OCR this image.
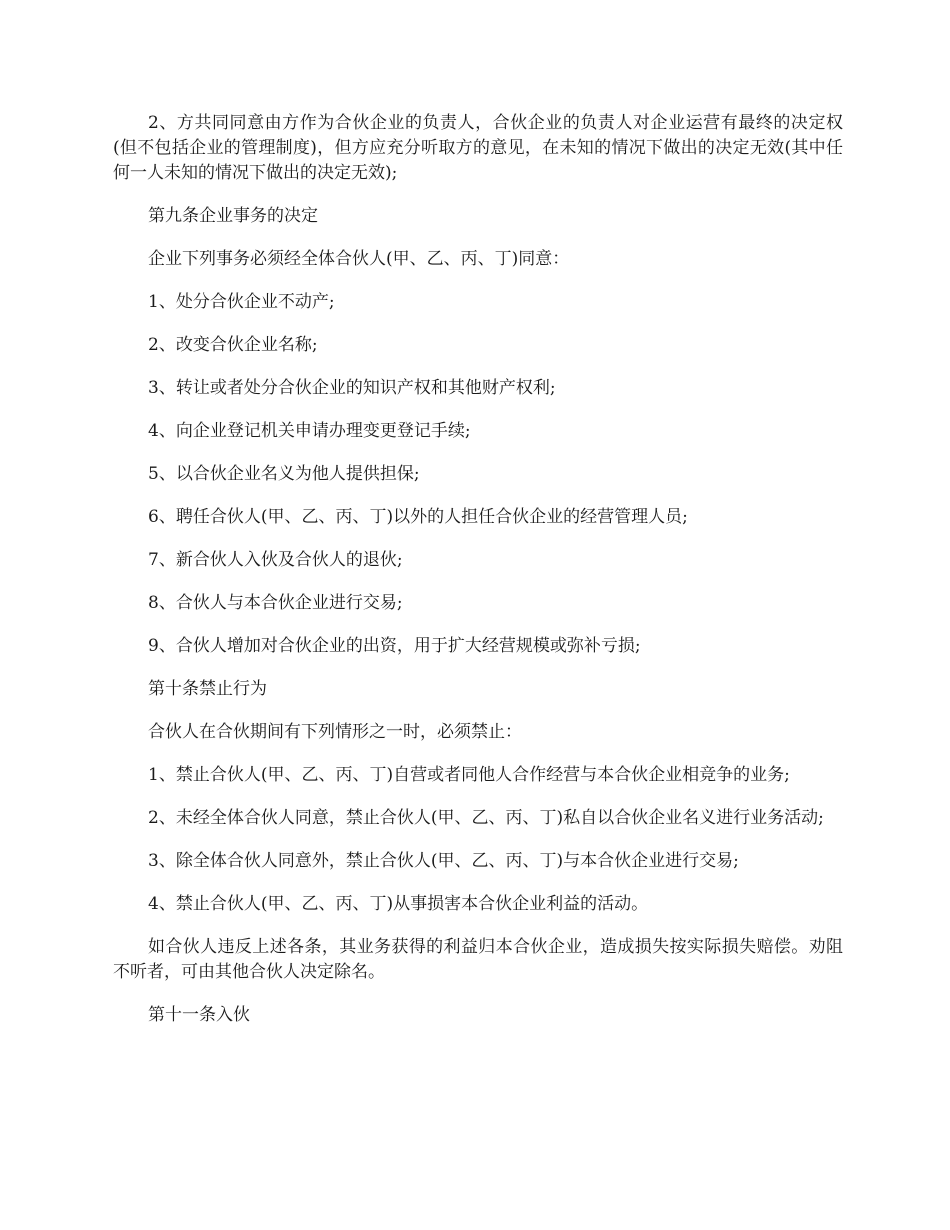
2、方共同同意由方作为合伙企业的负责人，合伙企业的负责人对企业运营有最终的决定权(但不包括企业的管理制度)，但方应充分听取方的意见，在未知的情况下做出的决定无效(其中任何一人未知的情况下做出的决定无效);

第九条企业事务的决定

企业下列事务必须经全体合伙人(甲、乙、丙、丁)同意：

1、处分合伙企业不动产;

2、改变合伙企业名称;

3、转让或者处分合伙企业的知识产权和其他财产权利;

4、向企业登记机关申请办理变更登记手续;

5、以合伙企业名义为他人提供担保;

6、聘任合伙人(甲、乙、丙、丁)以外的人担任合伙企业的经营管理人员;

7、新合伙人入伙及合伙人的退伙;

8、合伙人与本合伙企业进行交易;

9、合伙人增加对合伙企业的出资，用于扩大经营规模或弥补亏损;

第十条禁止行为

合伙人在合伙期间有下列情形之一时，必须禁止：

1、禁止合伙人(甲、乙、丙、丁)自营或者同他人合作经营与本合伙企业相竞争的业务;

2、未经全体合伙人同意，禁止合伙人(甲、乙、丙、丁)私自以合伙企业名义进行业务活动;

3、除全体合伙人同意外，禁止合伙人(甲、乙、丙、丁)与本合伙企业进行交易;

4、禁止合伙人(甲、乙、丙、丁)从事损害本合伙企业利益的活动。

如合伙人违反上述各条，其业务获得的利益归本合伙企业，造成损失按实际损失赔偿。劝阻不听者，可由其他合伙人决定除名。

第十一条入伙
